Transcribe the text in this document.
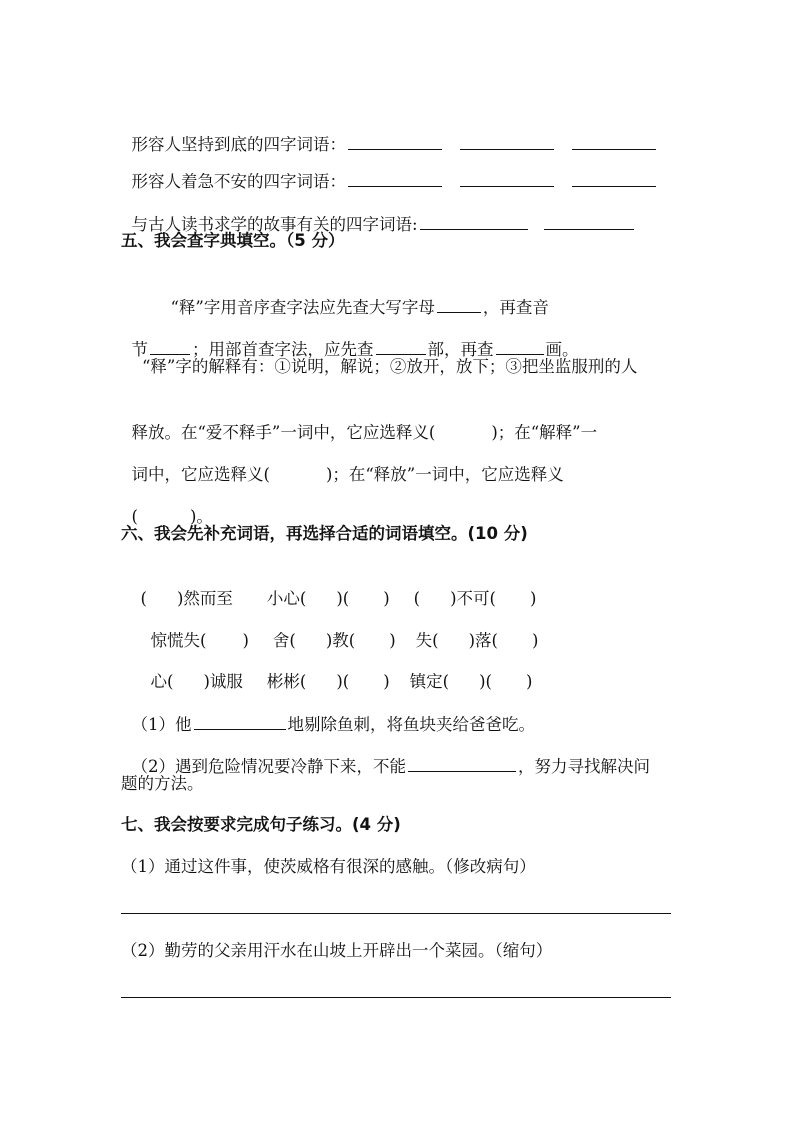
形容人坚持到底的四字词语：

形容人着急不安的四字词语：

与古人读书求学的故事有关的四字词语:

五、我会查字典填空。（5 分）

“释”字用音序查字法应先查大写字母	，再查音

节	；用部首查字法，应先查	部，再查	画。

“释”字的解释有：①说明，解说；②放开，放下；③把坐监服刑的人

释放。在“爱不释手”一词中，它应选释义(	)；在“解释”一

词中，它应选释义(	)；在“释放”一词中，它应选释义

(	)。

六、我会先补充词语，再选择合适的词语填空。(10 分)

( )然而至 小心( )( ) ( )不可( )

惊慌失( ) 舍( )教( ) 失( )落( )

心( )诚服 彬彬( )( ) 镇定( )( )

（1）他	地剔除鱼刺，将鱼块夹给爸爸吃。

（2）遇到危险情况要冷静下来，不能	，努力寻找解决问

题的方法。
七、我会按要求完成句子练习。(4 分)
（1）通过这件事，使茨威格有很深的感触。（修改病句）
（2）勤劳的父亲用汗水在山坡上开辟出一个菜园。（缩句）
